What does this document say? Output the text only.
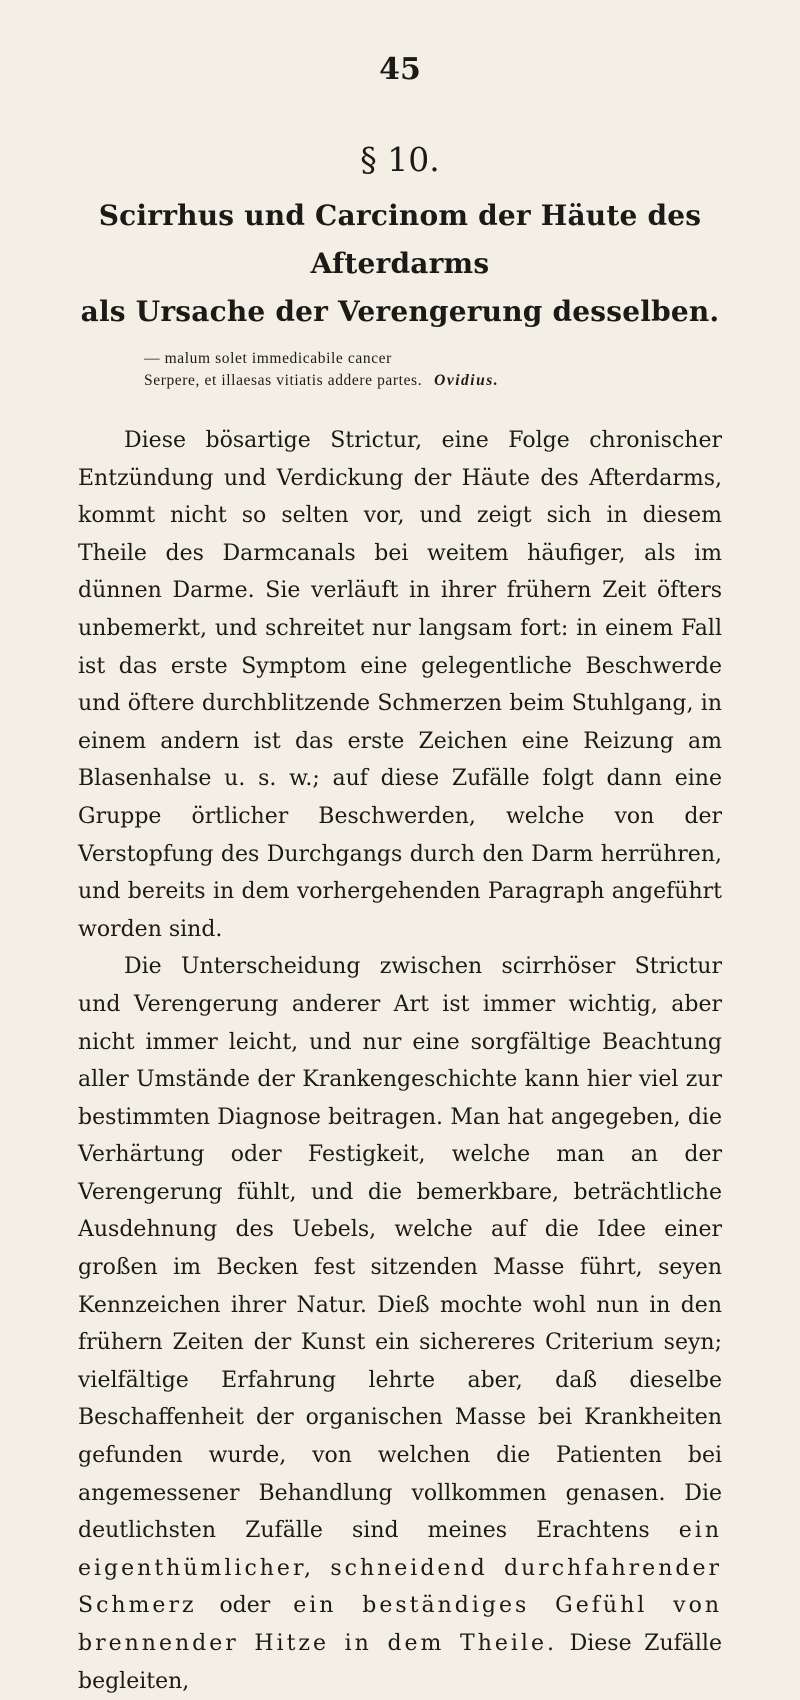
45
§ 10.
Scirrhus und Carcinom der Häute des Afterdarms
als Ursache der Verengerung desselben.
— malum solet immedicabile cancer
Serpere, et illaesas vitiatis addere partes. Ovidius.

Diese bösartige Strictur, eine Folge chronischer Entzündung und Verdickung der Häute des Afterdarms, kommt nicht so selten vor, und zeigt sich in diesem Theile des Darmcanals bei weitem häufiger, als im dünnen Darme. Sie verläuft in ihrer frühern Zeit öfters unbemerkt, und schreitet nur langsam fort: in einem Fall ist das erste Symptom eine gelegentliche Beschwerde und öftere durchblitzende Schmerzen beim Stuhlgang, in einem andern ist das erste Zeichen eine Reizung am Blasenhalse u. s. w.; auf diese Zufälle folgt dann eine Gruppe örtlicher Beschwerden, welche von der Verstopfung des Durchgangs durch den Darm herrühren, und bereits in dem vorhergehenden Paragraph angeführt worden sind.

Die Unterscheidung zwischen scirrhöser Strictur und Verengerung anderer Art ist immer wichtig, aber nicht immer leicht, und nur eine sorgfältige Beachtung aller Umstände der Krankengeschichte kann hier viel zur bestimmten Diagnose beitragen. Man hat angegeben, die Verhärtung oder Festigkeit, welche man an der Verengerung fühlt, und die bemerkbare, beträchtliche Ausdehnung des Uebels, welche auf die Idee einer großen im Becken fest sitzenden Masse führt, seyen Kennzeichen ihrer Natur. Dieß mochte wohl nun in den frühern Zeiten der Kunst ein sichereres Criterium seyn; vielfältige Erfahrung lehrte aber, daß dieselbe Beschaffenheit der organischen Masse bei Krankheiten gefunden wurde, von welchen die Patienten bei angemessener Behandlung vollkommen genasen. Die deutlichsten Zufälle sind meines Erachtens ein eigenthümlicher, schneidend durchfahrender Schmerz oder ein beständiges Gefühl von brennender Hitze in dem Theile. Diese Zufälle begleiten,
